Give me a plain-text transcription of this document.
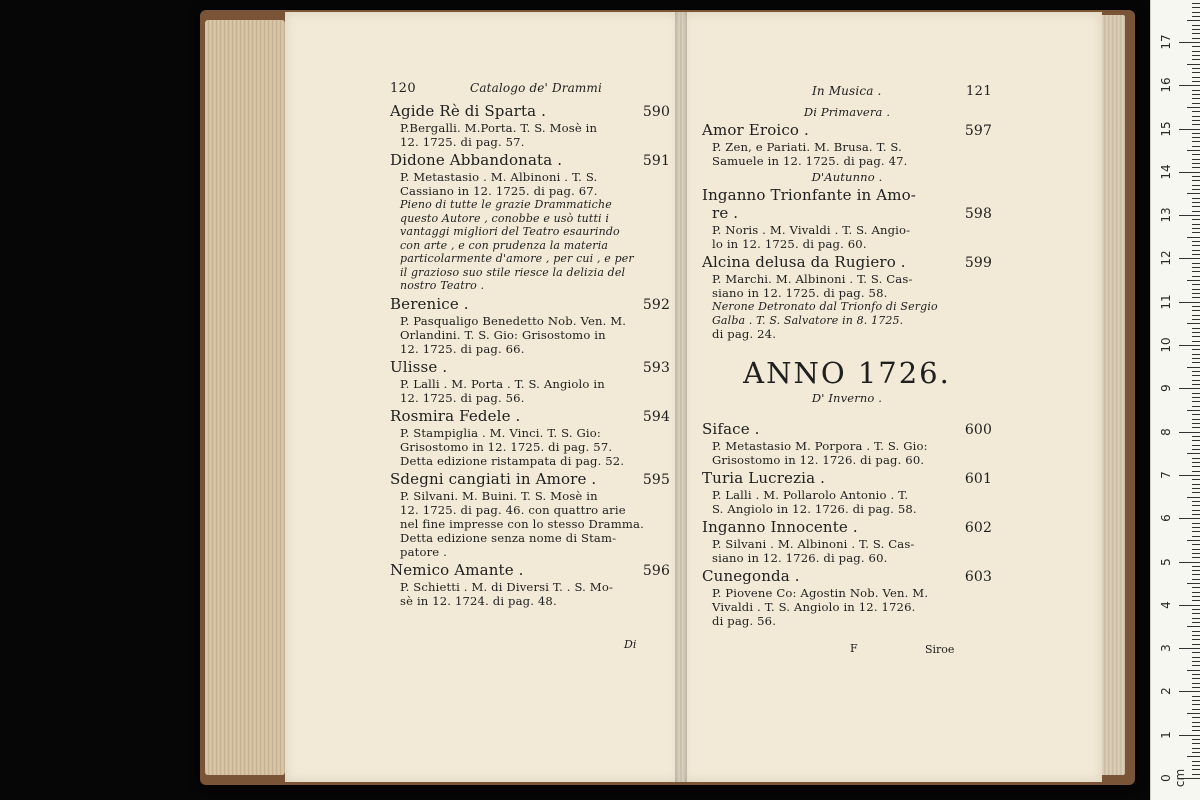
120	Catalogo de' Drammi
Agide Rè di Sparta .	590
P.Bergalli. M.Porta. T. S. Mosè in
12. 1725. di pag. 57.
Didone Abbandonata .	591
P. Metastasio . M. Albinoni . T. S.
Cassiano in 12. 1725. di pag. 67.
Pieno di tutte le grazie Drammatiche
questo Autore , conobbe e usò tutti i
vantaggi migliori del Teatro esaurindo
con arte , e con prudenza la materia
particolarmente d'amore , per cui , e per
il grazioso suo stile riesce la delizia del
nostro Teatro .
Berenice .	592
P. Pasqualigo Benedetto Nob. Ven. M.
Orlandini. T. S. Gio: Grisostomo in
12. 1725. di pag. 66.
Ulisse .	593
P. Lalli . M. Porta . T. S. Angiolo in
12. 1725. di pag. 56.
Rosmira Fedele .	594
P. Stampiglia . M. Vinci. T. S. Gio:
Grisostomo in 12. 1725. di pag. 57.
Detta edizione ristampata di pag. 52.
Sdegni cangiati in Amore .	595
P. Silvani. M. Buini. T. S. Mosè in
12. 1725. di pag. 46. con quattro arie
nel fine impresse con lo stesso Dramma.
Detta edizione senza nome di Stam-
patore .
Nemico Amante .	596
P. Schietti . M. di Diversi T. . S. Mo-
sè in 12. 1724. di pag. 48.
Di
In Musica .	121
Di Primavera .
Amor Eroico .	597
P. Zen, e Pariati. M. Brusa. T. S.
Samuele in 12. 1725. di pag. 47.
D'Autunno .
Inganno Trionfante in Amo-
re .	598
P. Noris . M. Vivaldi . T. S. Angio-
lo in 12. 1725. di pag. 60.
Alcina delusa da Rugiero .	599
P. Marchi. M. Albinoni . T. S. Cas-
siano in 12. 1725. di pag. 58.
Nerone Detronato dal Trionfo di Sergio
Galba . T. S. Salvatore in 8. 1725.
di pag. 24.
ANNO 1726.
D' Inverno .
Siface .	600
P. Metastasio M. Porpora . T. S. Gio:
Grisostomo in 12. 1726. di pag. 60.
Turia Lucrezia .	601
P. Lalli . M. Pollarolo Antonio . T.
S. Angiolo in 12. 1726. di pag. 58.
Inganno Innocente .	602
P. Silvani . M. Albinoni . T. S. Cas-
siano in 12. 1726. di pag. 60.
Cunegonda .	603
P. Piovene Co: Agostin Nob. Ven. M.
Vivaldi . T. S. Angiolo in 12. 1726.
di pag. 56.
F	Siroe
0 cm
1
2
3
4
5
6
7
8
9
10
11
12
13
14
15
16
17
